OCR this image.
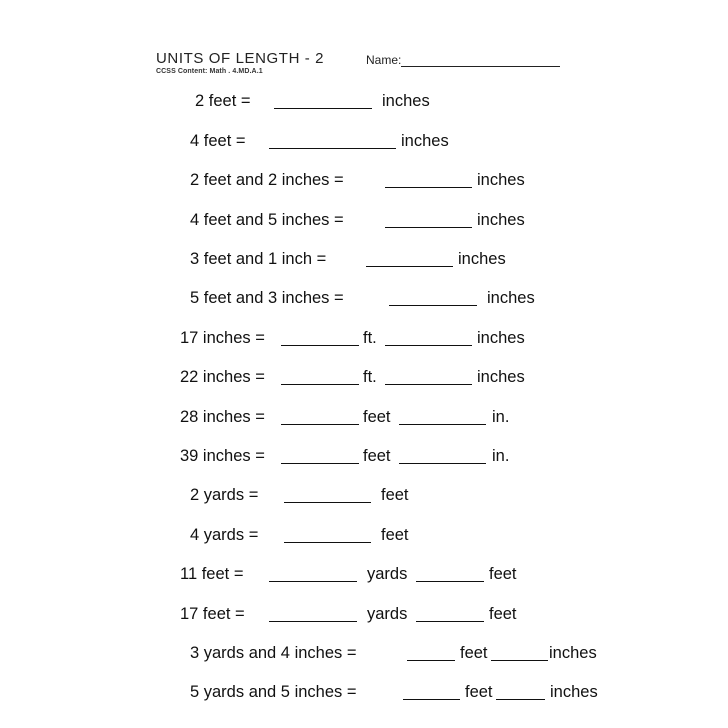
UNITS OF LENGTH - 2	Name:
CCSS Content: Math . 4.MD.A.1
2 feet =	inches
4 feet =	inches
2 feet and 2 inches =	inches
4 feet and 5 inches =	inches
3 feet and 1 inch =	inches
5 feet and 3 inches =	inches
17 inches =	ft.	inches
22 inches =	ft.	inches
28 inches =	feet	in.
39 inches =	feet	in.
2 yards =	feet
4 yards =	feet
11 feet =	yards	feet
17 feet =	yards	feet
3 yards and 4 inches =	feet	inches
5 yards and 5 inches =	feet	inches
